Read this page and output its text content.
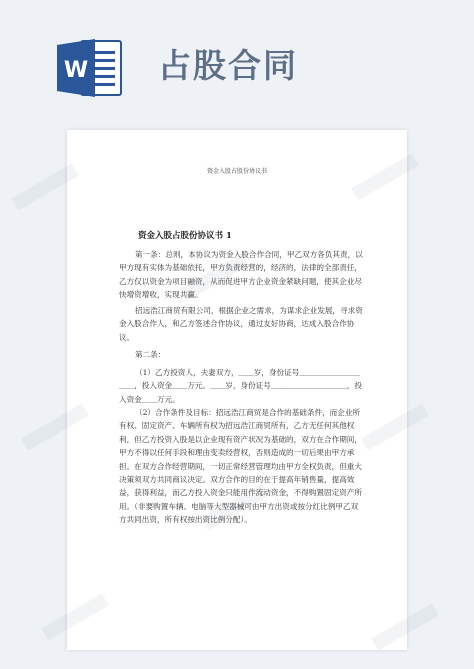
W 占股合同
资金入股占股份协议书
资金入股占股份协议书 1

第一条：总则，本协议为资金入股合作合同，甲乙双方各负其责，以甲方现有实体为基础依托，甲方负责经营的，经济的，法律的全部责任，乙方仅以资金为项目融资，从而促进甲方企业资金紧缺问题，使其企业尽快增资增收，实现共赢。

招远浩江商贸有限公司，根据企业之需求，为谋求企业发展，寻求资金入股合作人，和乙方签述合作协议，通过友好协商，达成入股合作协议。

第二条：

（1）乙方投资人，夫妻双方，＿＿岁，身份证号＿＿＿＿＿＿＿＿＿＿，投入资金＿＿万元。＿＿岁，身份证号＿＿＿＿＿＿＿＿＿＿，投入资金＿＿万元。

（2）合作条件及目标：招远浩江商贸是合作的基础条件，而企业所有权、固定资产、车辆所有权为招远浩江商贸所有，乙方无任何其他权利，但乙方投资入股是以企业现有资产状况为基础的，双方在合作期间，甲方不得以任何手段和理由变卖经营权，否则造成的一切后果由甲方承担。在双方合作经营期间，一切正常经营管理均由甲方全权负责，但重大决策须双方共同商议决定。双方合作的目的在于提高年销售量，提高效益，获得利益，而乙方投入资金只能用作流动资金，不得购置固定资产所用。（非要购置车辆、电脑等大型器械可由甲方出资或按分红比例甲乙双方共同出资，所有权按出资比例分配）。
